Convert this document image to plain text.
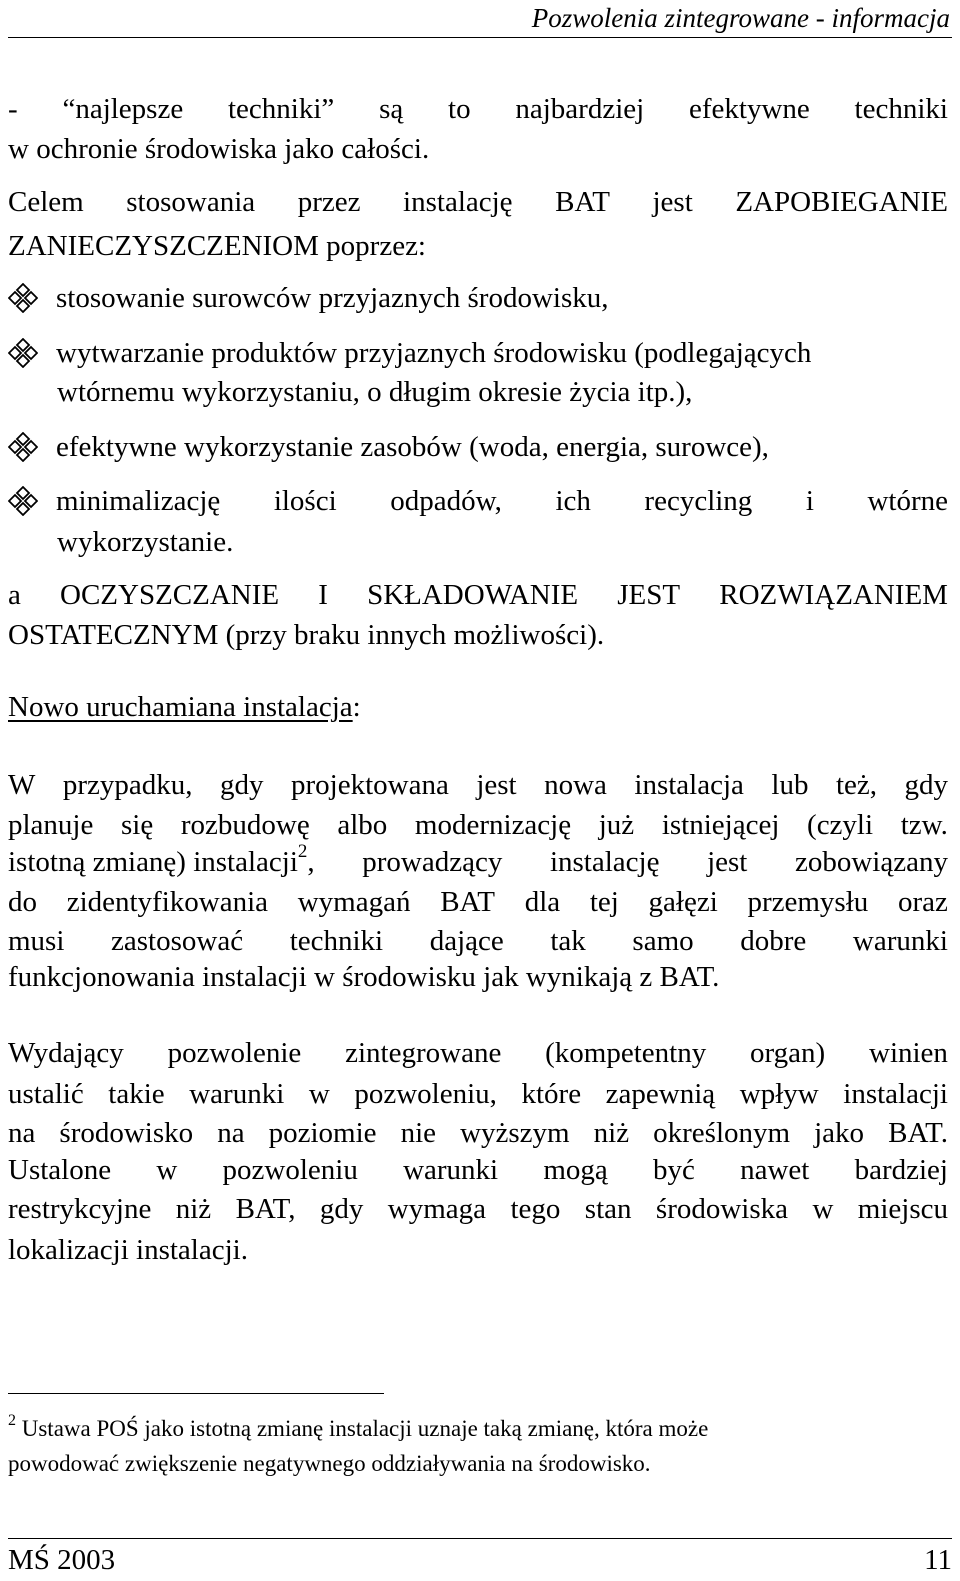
Pozwolenia zintegrowane - informacja
- “najlepsze techniki” są to najbardziej efektywne techniki
w ochronie środowiska jako całości.
Celem stosowania przez instalację BAT jest ZAPOBIEGANIE
ZANIECZYSZCZENIOM poprzez:
stosowanie surowców przyjaznych środowisku,
wytwarzanie produktów przyjaznych środowisku (podlegających
wtórnemu wykorzystaniu, o długim okresie życia itp.),
efektywne wykorzystanie zasobów (woda, energia, surowce),
minimalizację ilości odpadów, ich recycling i wtórne
wykorzystanie.
a OCZYSZCZANIE I SKŁADOWANIE JEST ROZWIĄZANIEM
OSTATECZNYM (przy braku innych możliwości).
Nowo uruchamiana instalacja:
W przypadku, gdy projektowana jest nowa instalacja lub też, gdy
planuje się rozbudowę albo modernizację już istniejącej (czyli tzw.
istotną zmianę) instalacji$^2$, prowadzący instalację jest zobowiązany
do zidentyfikowania wymagań BAT dla tej gałęzi przemysłu oraz
musi zastosować techniki dające tak samo dobre warunki
funkcjonowania instalacji w środowisku jak wynikają z BAT.
Wydający pozwolenie zintegrowane (kompetentny organ) winien
ustalić takie warunki w pozwoleniu, które zapewnią wpływ instalacji
na środowisko na poziomie nie wyższym niż określonym jako BAT.
Ustalone w pozwoleniu warunki mogą być nawet bardziej
restrykcyjne niż BAT, gdy wymaga tego stan środowiska w miejscu
lokalizacji instalacji.
$^2$ Ustawa POŚ jako istotną zmianę instalacji uznaje taką zmianę, która może
powodować zwiększenie negatywnego oddziaływania na środowisko.
MŚ 2003	11
